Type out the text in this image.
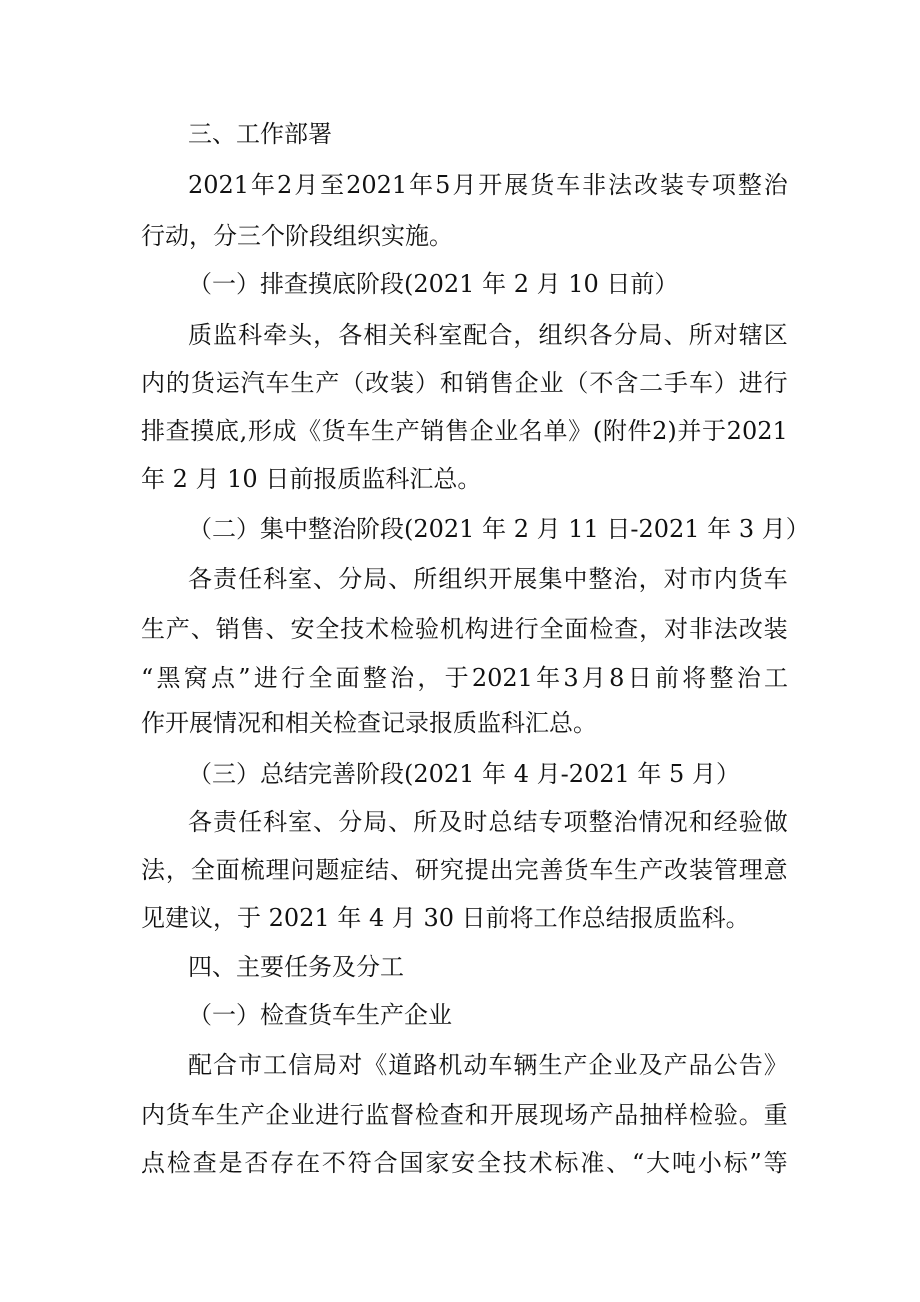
三、工作部署
2021 年 2 月 至 2021 年 5 月 开 展 货 车 非 法 改 装 专 项 整 治
行动，分三个阶段组织实施。
（一）排查摸底阶段(2021 年 2 月 10 日前）
质 监 科 牵 头 ， 各 相 关 科 室 配 合 ， 组 织 各 分 局 、 所 对 辖 区
内 的 货 运 汽 车 生 产 （ 改 装 ） 和 销 售 企 业 （ 不 含 二 手 车 ） 进 行
排 查 摸 底 , 形 成 《 货 车 生 产 销 售 企 业 名 单 》 ( 附 件 2) 并 于 2021
年 2 月 10 日前报质监科汇总。
（二）集中整治阶段(2021 年 2 月 11 日-2021 年 3 月）
各 责 任 科 室 、 分 局 、 所 组 织 开 展 集 中 整 治 ， 对 市 内 货 车
生 产 、 销 售 、 安 全 技 术 检 验 机 构 进 行 全 面 检 查 ， 对 非 法 改 装
“ 黑 窝 点 ” 进 行 全 面 整 治 ， 于 2021 年 3 月 8 日 前 将 整 治 工
作开展情况和相关检查记录报质监科汇总。
（三）总结完善阶段(2021 年 4 月-2021 年 5 月）
各 责 任 科 室 、 分 局 、 所 及 时 总 结 专 项 整 治 情 况 和 经 验 做
法 ， 全 面 梳 理 问 题 症 结 、 研 究 提 出 完 善 货 车 生 产 改 装 管 理 意
见建议，于 2021 年 4 月 30 日前将工作总结报质监科。
四、主要任务及分工
（一）检查货车生产企业
配 合 市 工 信 局 对 《 道 路 机 动 车 辆 生 产 企 业 及 产 品 公 告 》
内 货 车 生 产 企 业 进 行 监 督 检 查 和 开 展 现 场 产 品 抽 样 检 验 。 重
点 检 查 是 否 存 在 不 符 合 国 家 安 全 技 术 标 准 、 “ 大 吨 小 标 ” 等
